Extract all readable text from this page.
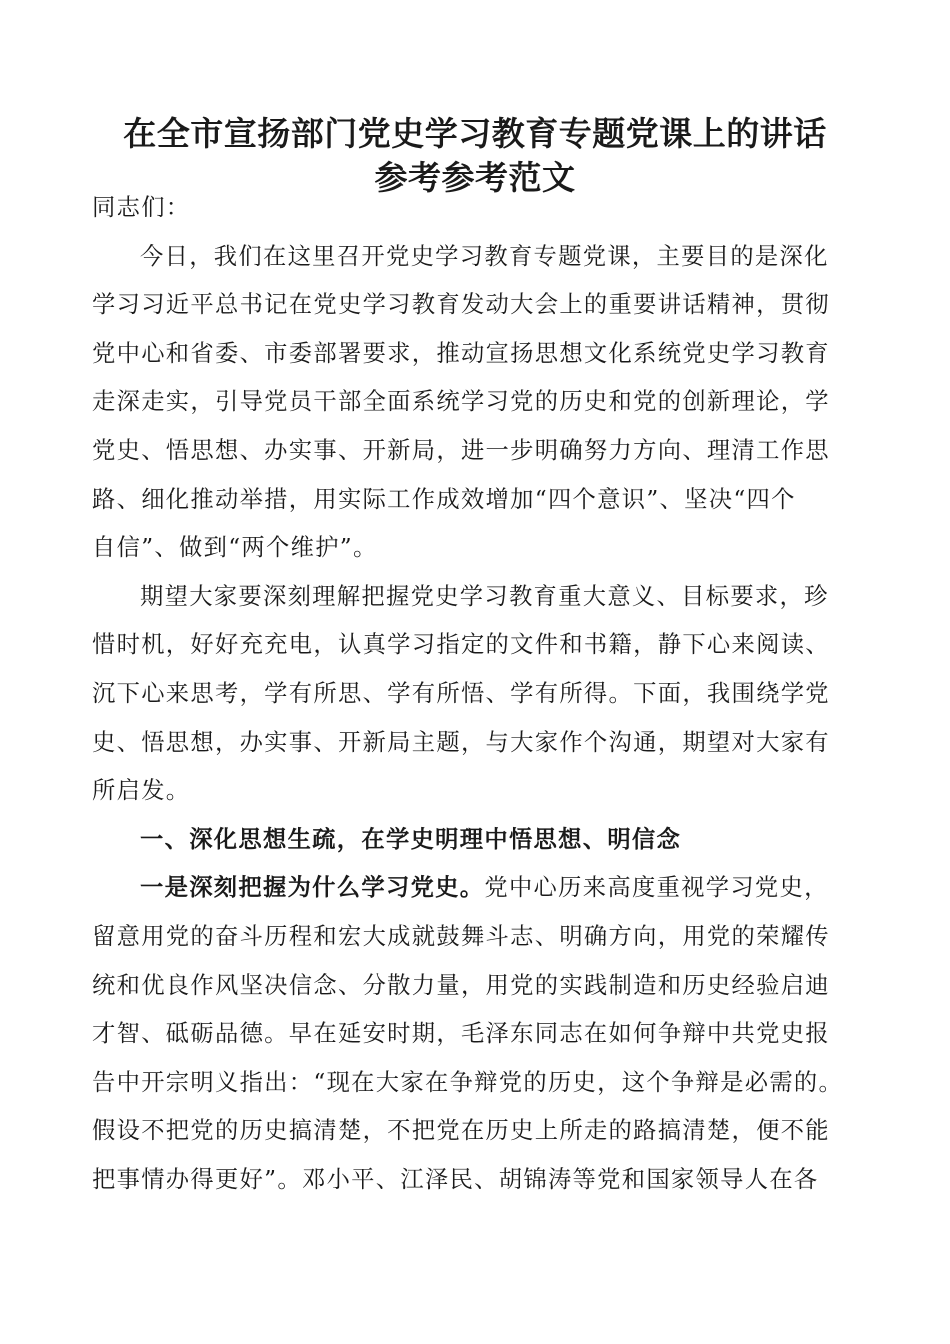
在全市宣扬部门党史学习教育专题党课上的讲话
参考参考范文
同志们：
今日，我们在这里召开党史学习教育专题党课，主要目的是深化
学习习近平总书记在党史学习教育发动大会上的重要讲话精神，贯彻
党中心和省委、市委部署要求，推动宣扬思想文化系统党史学习教育
走深走实，引导党员干部全面系统学习党的历史和党的创新理论，学
党史、悟思想、办实事、开新局，进一步明确努力方向、理清工作思
路、细化推动举措，用实际工作成效增加“四个意识”、坚决“四个
自信”、做到“两个维护”。
期望大家要深刻理解把握党史学习教育重大意义、目标要求，珍
惜时机，好好充充电，认真学习指定的文件和书籍，静下心来阅读、
沉下心来思考，学有所思、学有所悟、学有所得。下面，我围绕学党
史、悟思想，办实事、开新局主题，与大家作个沟通，期望对大家有
所启发。
一、深化思想生疏，在学史明理中悟思想、明信念
一是深刻把握为什么学习党史。党中心历来高度重视学习党史，
留意用党的奋斗历程和宏大成就鼓舞斗志、明确方向，用党的荣耀传
统和优良作风坚决信念、分散力量，用党的实践制造和历史经验启迪
才智、砥砺品德。早在延安时期，毛泽东同志在如何争辩中共党史报
告中开宗明义指出：“现在大家在争辩党的历史，这个争辩是必需的。
假设不把党的历史搞清楚，不把党在历史上所走的路搞清楚，便不能
把事情办得更好”。邓小平、江泽民、胡锦涛等党和国家领导人在各
